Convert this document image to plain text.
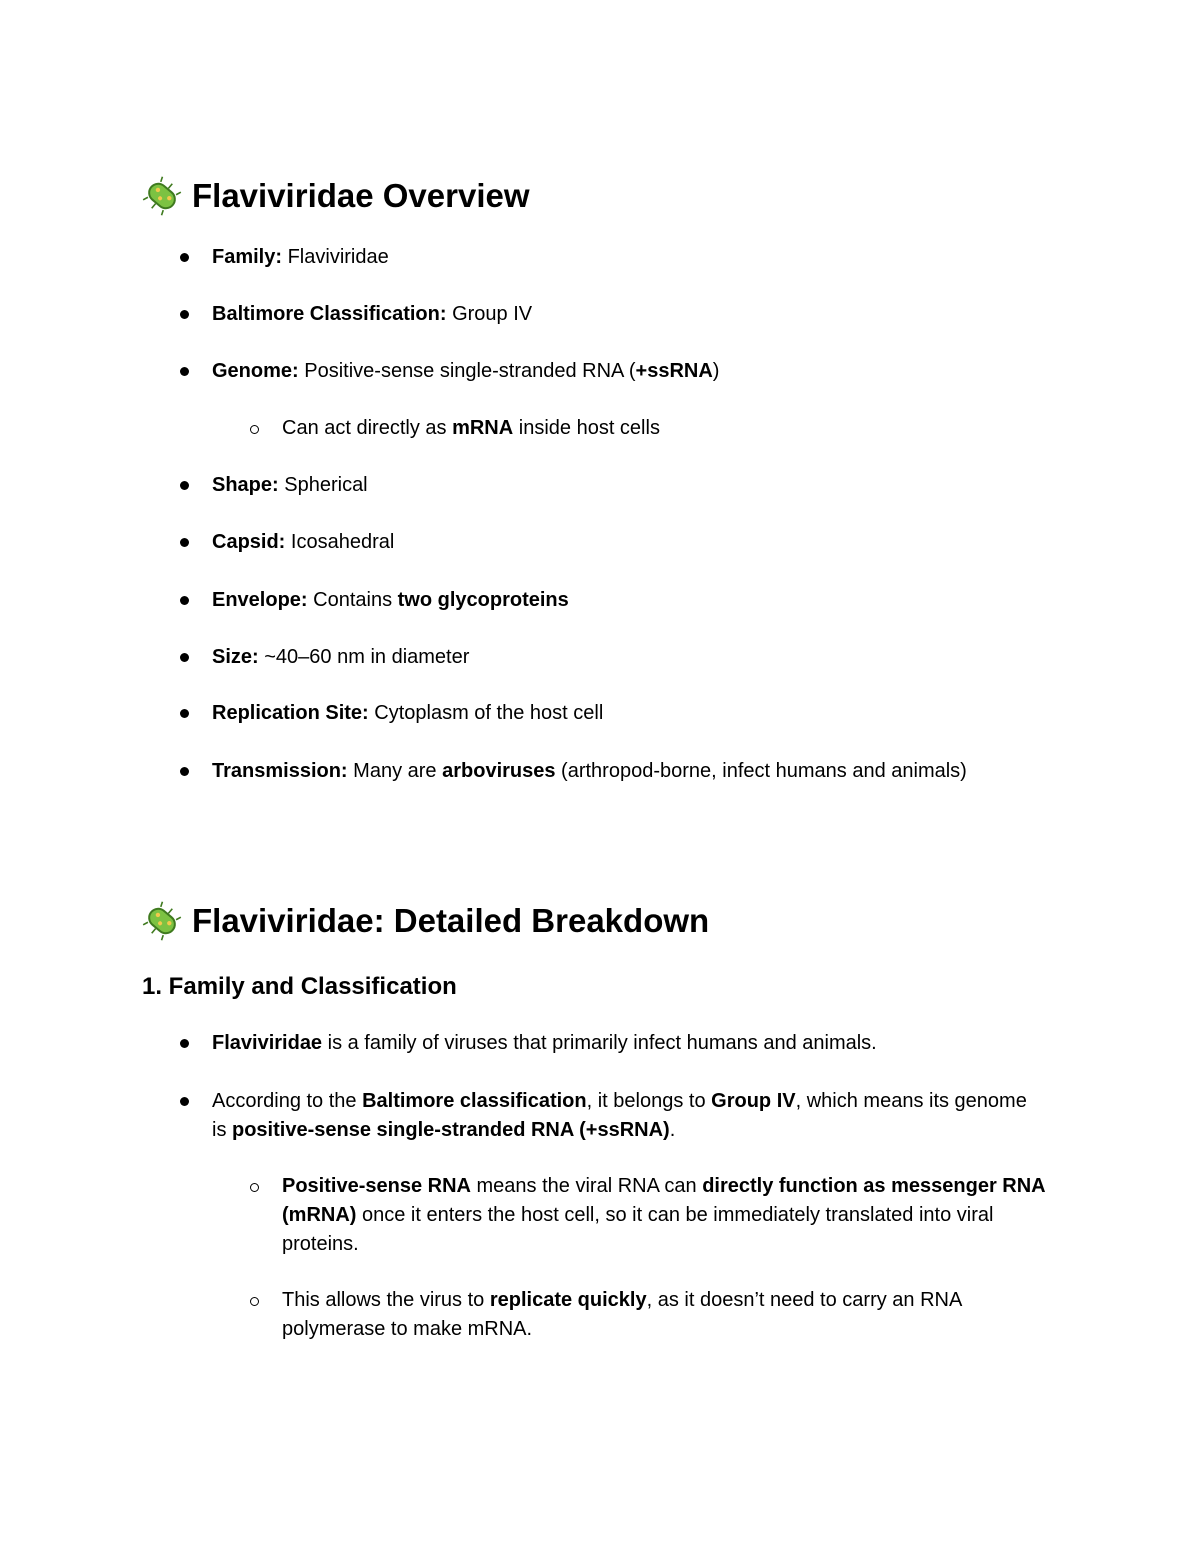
Flaviviridae Overview
Family: Flaviviridae
Baltimore Classification: Group IV
Genome: Positive-sense single-stranded RNA (+ssRNA)
Can act directly as mRNA inside host cells
Shape: Spherical
Capsid: Icosahedral
Envelope: Contains two glycoproteins
Size: ~40–60 nm in diameter
Replication Site: Cytoplasm of the host cell
Transmission: Many are arboviruses (arthropod-borne, infect humans and animals)
Flaviviridae: Detailed Breakdown
1. Family and Classification
Flaviviridae is a family of viruses that primarily infect humans and animals.
According to the Baltimore classification, it belongs to Group IV, which means its genome is positive-sense single-stranded RNA (+ssRNA).
Positive-sense RNA means the viral RNA can directly function as messenger RNA (mRNA) once it enters the host cell, so it can be immediately translated into viral proteins.
This allows the virus to replicate quickly, as it doesn’t need to carry an RNA polymerase to make mRNA.
